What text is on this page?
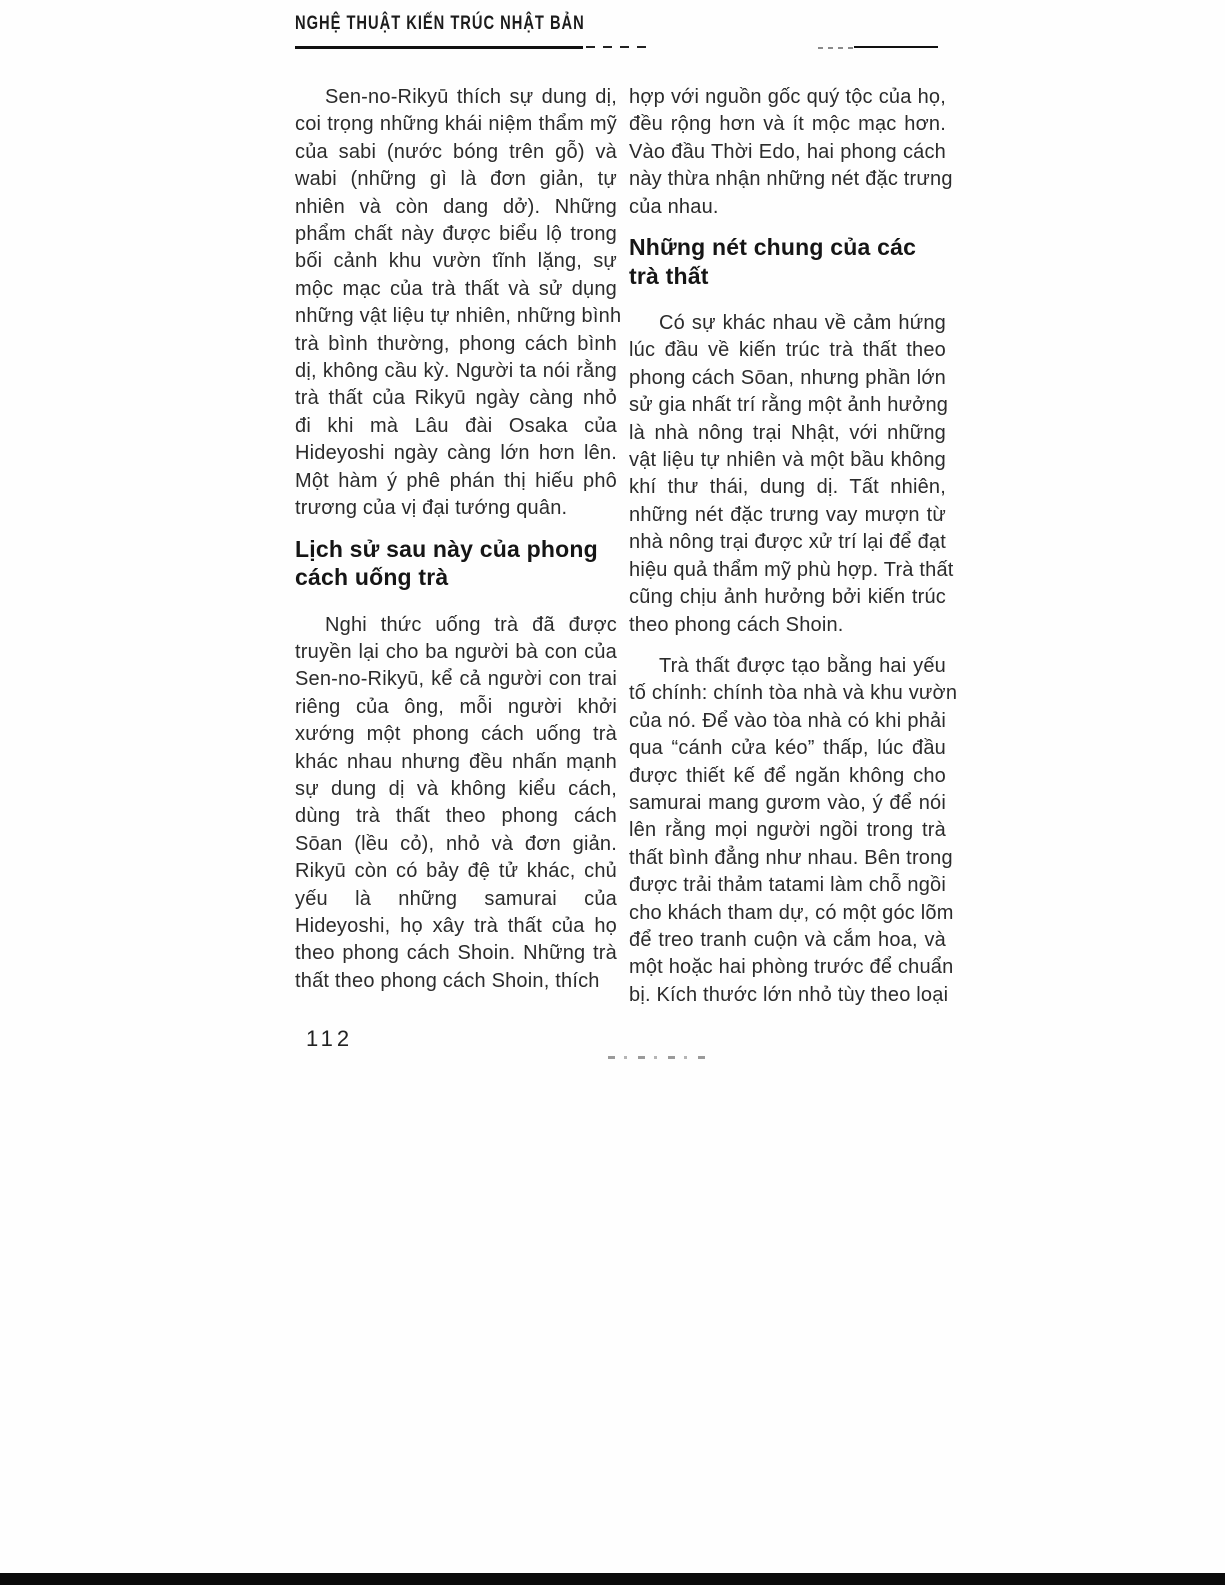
NGHỆ THUẬT KIẾN TRÚC NHẬT BẢN
Sen-no-Rikyū thích sự dung dị,
coi trọng những khái niệm thẩm mỹ
của sabi (nước bóng trên gỗ) và
wabi (những gì là đơn giản, tự
nhiên và còn dang dở). Những
phẩm chất này được biểu lộ trong
bối cảnh khu vườn tĩnh lặng, sự
mộc mạc của trà thất và sử dụng
những vật liệu tự nhiên, những bình
trà bình thường, phong cách bình
dị, không cầu kỳ. Người ta nói rằng
trà thất của Rikyū ngày càng nhỏ
đi khi mà Lâu đài Osaka của
Hideyoshi ngày càng lớn hơn lên.
Một hàm ý phê phán thị hiếu phô
trương của vị đại tướng quân.
Lịch sử sau này của phong
cách uống trà
Nghi thức uống trà đã được
truyền lại cho ba người bà con của
Sen-no-Rikyū, kể cả người con trai
riêng của ông, mỗi người khởi
xướng một phong cách uống trà
khác nhau nhưng đều nhấn mạnh
sự dung dị và không kiểu cách,
dùng trà thất theo phong cách
Sōan (lều cỏ), nhỏ và đơn giản.
Rikyū còn có bảy đệ tử khác, chủ
yếu là những samurai của
Hideyoshi, họ xây trà thất của họ
theo phong cách Shoin. Những trà
thất theo phong cách Shoin, thích
hợp với nguồn gốc quý tộc của họ,
đều rộng hơn và ít mộc mạc hơn.
Vào đầu Thời Edo, hai phong cách
này thừa nhận những nét đặc trưng
của nhau.
Những nét chung của các
trà thất
Có sự khác nhau về cảm hứng
lúc đầu về kiến trúc trà thất theo
phong cách Sōan, nhưng phần lớn
sử gia nhất trí rằng một ảnh hưởng
là nhà nông trại Nhật, với những
vật liệu tự nhiên và một bầu không
khí thư thái, dung dị. Tất nhiên,
những nét đặc trưng vay mượn từ
nhà nông trại được xử trí lại để đạt
hiệu quả thẩm mỹ phù hợp. Trà thất
cũng chịu ảnh hưởng bởi kiến trúc
theo phong cách Shoin.
Trà thất được tạo bằng hai yếu
tố chính: chính tòa nhà và khu vườn
của nó. Để vào tòa nhà có khi phải
qua “cánh cửa kéo” thấp, lúc đầu
được thiết kế để ngăn không cho
samurai mang gươm vào, ý để nói
lên rằng mọi người ngồi trong trà
thất bình đẳng như nhau. Bên trong
được trải thảm tatami làm chỗ ngồi
cho khách tham dự, có một góc lõm
để treo tranh cuộn và cắm hoa, và
một hoặc hai phòng trước để chuẩn
bị. Kích thước lớn nhỏ tùy theo loại
112
